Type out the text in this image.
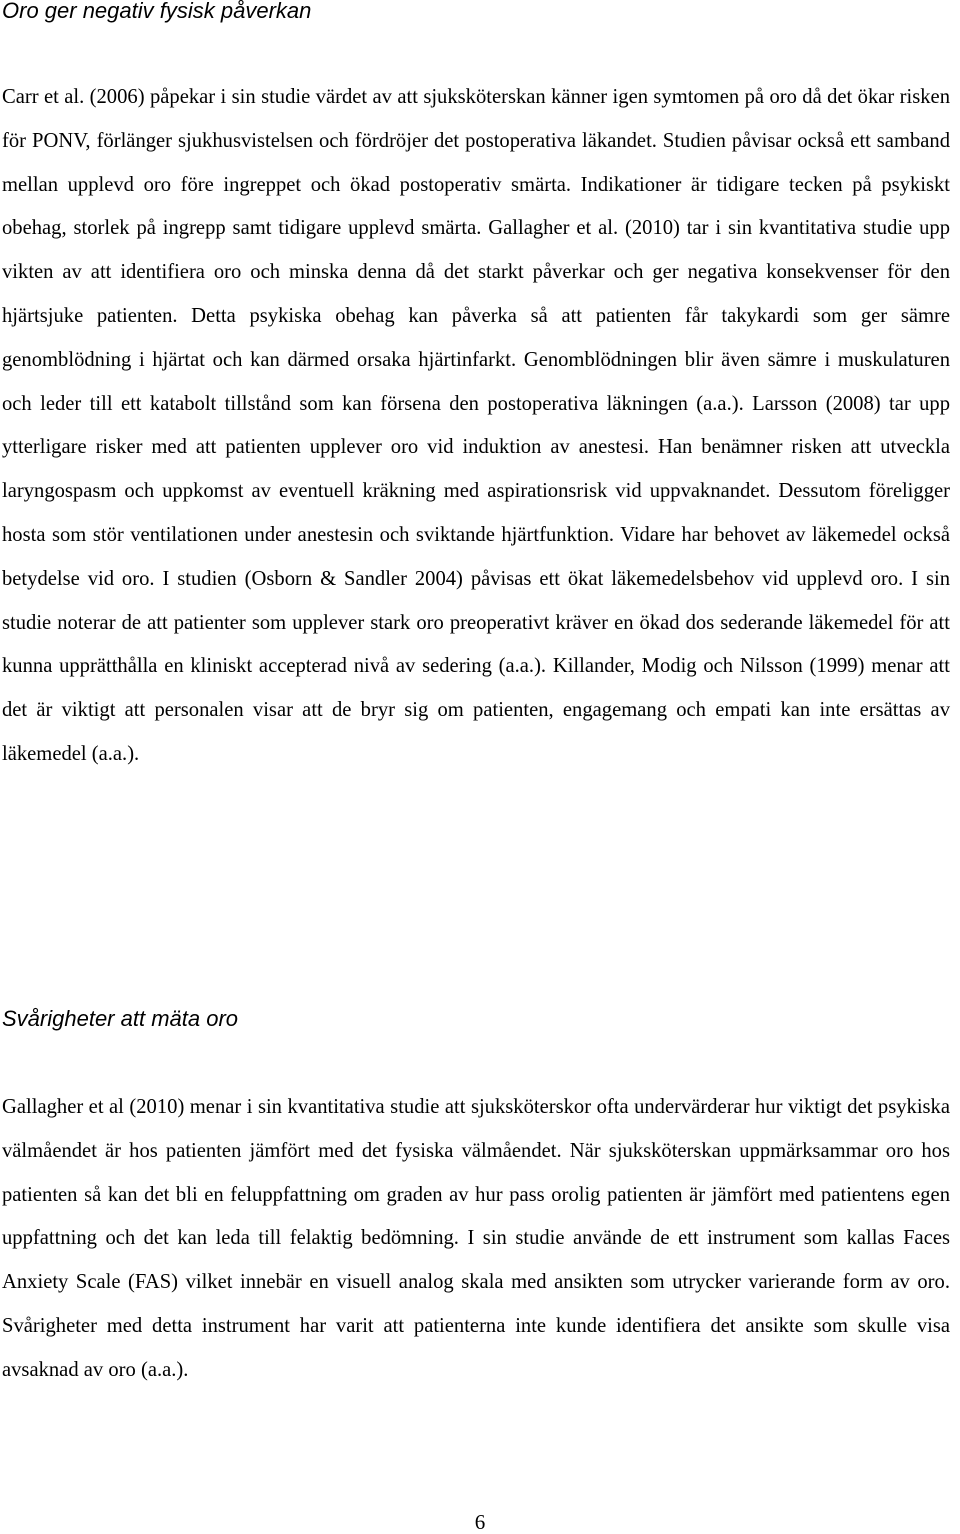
Oro ger negativ fysisk påverkan

Carr et al. (2006) påpekar i sin studie värdet av att sjuksköterskan känner igen symtomen på oro då det ökar risken för PONV, förlänger sjukhusvistelsen och fördröjer det postoperativa läkandet. Studien påvisar också ett samband mellan upplevd oro före ingreppet och ökad postoperativ smärta. Indikationer är tidigare tecken på psykiskt obehag, storlek på ingrepp samt tidigare upplevd smärta. Gallagher et al. (2010) tar i sin kvantitativa studie upp vikten av att identifiera oro och minska denna då det starkt påverkar och ger negativa konsekvenser för den hjärtsjuke patienten. Detta psykiska obehag kan påverka så att patienten får takykardi som ger sämre genomblödning i hjärtat och kan därmed orsaka hjärtinfarkt. Genomblödningen blir även sämre i muskulaturen och leder till ett katabolt tillstånd som kan försena den postoperativa läkningen (a.a.). Larsson (2008) tar upp ytterligare risker med att patienten upplever oro vid induktion av anestesi. Han benämner risken att utveckla laryngospasm och uppkomst av eventuell kräkning med aspirationsrisk vid uppvaknandet. Dessutom föreligger hosta som stör ventilationen under anestesin och sviktande hjärtfunktion. Vidare har behovet av läkemedel också betydelse vid oro. I studien (Osborn & Sandler 2004) påvisas ett ökat läkemedelsbehov vid upplevd oro. I sin studie noterar de att patienter som upplever stark oro preoperativt kräver en ökad dos sederande läkemedel för att kunna upprätthålla en kliniskt accepterad nivå av sedering (a.a.). Killander, Modig och Nilsson (1999) menar att det är viktigt att personalen visar att de bryr sig om patienten, engagemang och empati kan inte ersättas av läkemedel (a.a.).

Svårigheter att mäta oro

Gallagher et al (2010) menar i sin kvantitativa studie att sjuksköterskor ofta undervärderar hur viktigt det psykiska välmåendet är hos patienten jämfört med det fysiska välmåendet. När sjuksköterskan uppmärksammar oro hos patienten så kan det bli en feluppfattning om graden av hur pass orolig patienten är jämfört med patientens egen uppfattning och det kan leda till felaktig bedömning. I sin studie använde de ett instrument som kallas Faces Anxiety Scale (FAS) vilket innebär en visuell analog skala med ansikten som utrycker varierande form av oro. Svårigheter med detta instrument har varit att patienterna inte kunde identifiera det ansikte som skulle visa avsaknad av oro (a.a.).

6
